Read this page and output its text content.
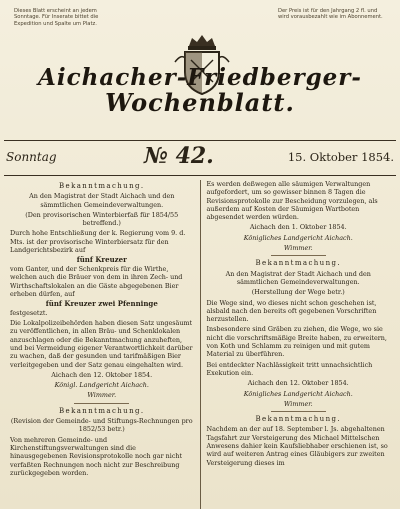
Dieses Blatt erscheint an jedem Sonntage. Für Inserate bittet die Expedition und Spalte um Platz.
Der Preis ist für den Jahrgang 2 fl. und wird vorausbezahlt wie im Abonnement.
Aichacher-Friedberger-
Wochenblatt.
Sonntag	№ 42.	15. Oktober 1854.
Bekanntmachung.

An den Magistrat der Stadt Aichach und den sämmtlichen Gemeindeverwaltungen.

(Den provisorischen Winterbierfaß für 1854/55 betreffend.)

Durch hohe Entschließung der k. Regierung vom 9. d. Mts. ist der provisorische Winterbiersatz für den Landgerichtsbezirk auf

fünf Kreuzer

vom Ganter, und der Schenkpreis für die Wirthe, welchen auch die Bräuer von dem in ihren Zech- und Wirthschaftslokalen an die Gäste abgegebenen Bier erheben dürfen, auf

fünf Kreuzer zwei Pfenninge

festgesetzt.

Die Lokalpolizeibehörden haben diesen Satz ungesäumt zu veröffentlichen, in allen Bräu- und Schenklokalen anzuschlagen oder die Bekanntmachung anzuheften, und bei Vermeidung eigener Verantwortlichkeit darüber zu wachen, daß der gesunden und tarifmäßigen Bier verleitgegeben und der Satz genau eingehalten wird.

Aichach den 12. Oktober 1854.

Königl. Landgericht Aichach.

Wimmer.

Bekanntmachung.

(Revision der Gemeinde- und Stiftungs-Rechnungen pro 1852/53 betr.)

Von mehreren Gemeinde- und Kirchenstiftungsverwaltungen sind die hinausgegebenen Revisionsprotokolle noch gar nicht verfaßten Rechnungen noch nicht zur Beschreibung zurückgegeben worden.

Es werden deßwegen alle säumigen Verwaltungen aufgefordert, um so gewisser binnen 8 Tagen die Revisionsprotokolle zur Bescheidung vorzulegen, als außerdem auf Kosten der Säumigen Wartboten abgesendet werden würden.

Aichach den 1. Oktober 1854.

Königliches Landgericht Aichach.

Wimmer.

Bekanntmachung.

An den Magistrat der Stadt Aichach und den sämmtlichen Gemeindeverwaltungen.

(Herstellung der Wege betr.)

Die Wege sind, wo dieses nicht schon geschehen ist, alsbald nach den bereits oft gegebenen Vorschriften herzustellen.

Insbesondere sind Gräben zu ziehen, die Wege, wo sie nicht die vorschriftsmäßige Breite haben, zu erweitern, von Koth und Schlamm zu reinigen und mit gutem Material zu überführen.

Bei entdeckter Nachlässigkeit tritt unnachsichtlich Exekution ein.

Aichach den 12. Oktober 1854.

Königliches Landgericht Aichach.

Wimmer.

Bekanntmachung.

Nachdem an der auf 18. September l. Js. abgehaltenen Tagsfahrt zur Versteigerung des Michael Mittelschen Anwesens dahier kein Kaufsliebhaber erschienen ist, so wird auf weiteren Antrag eines Gläubigers zur zweiten Versteigerung dieses im
